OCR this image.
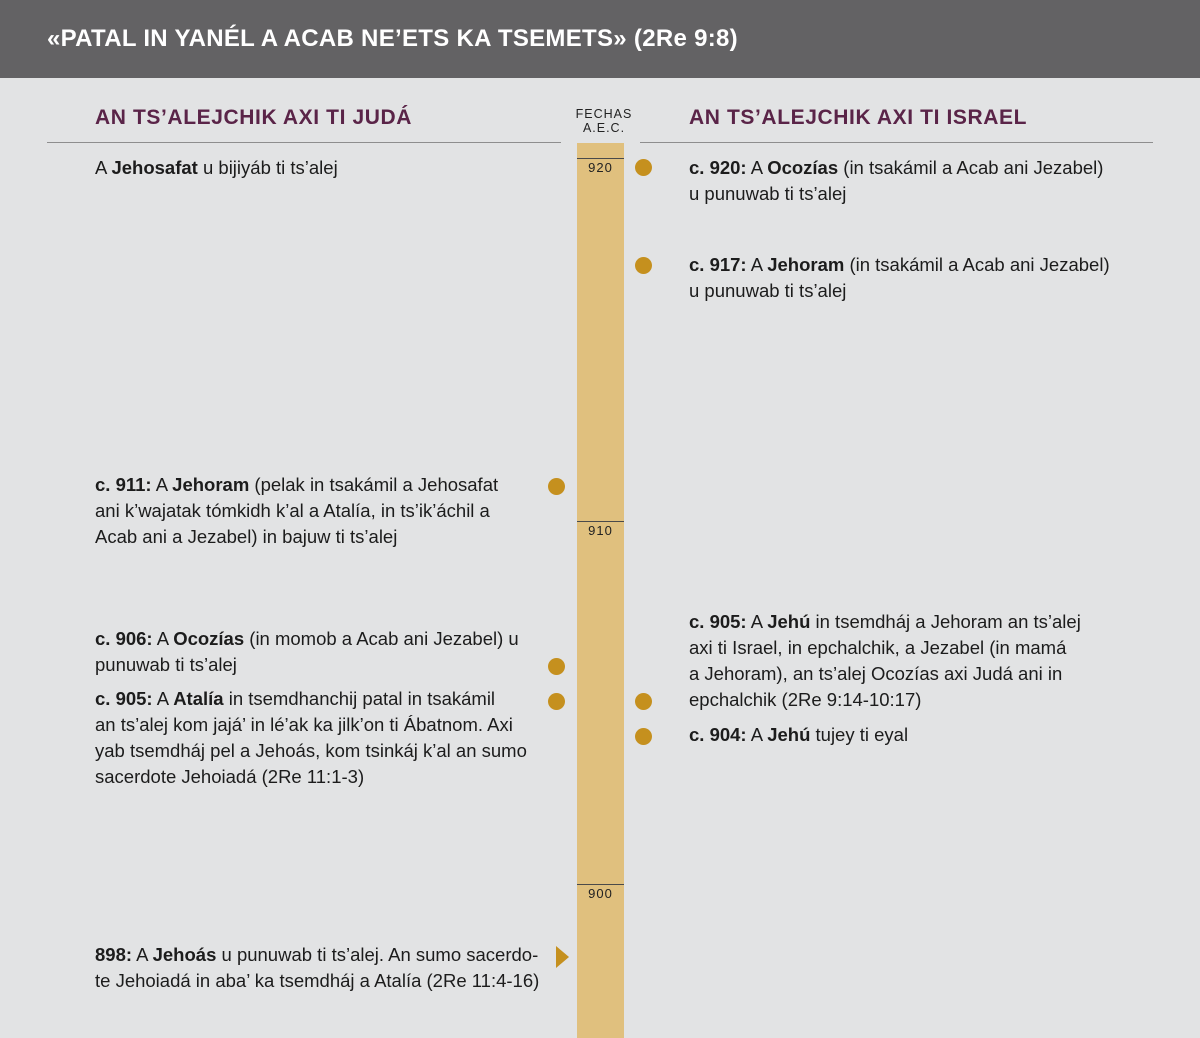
«PATAL IN YANÉL A ACAB NE’ETS KA TSEMETS» (2Re 9:8)
AN TS’ALEJCHIK AXI TI JUDÁ	AN TS’ALEJCHIK AXI TI ISRAEL
FECHAS
A.E.C.
920
910
900
A Jehosafat u bijiyáb ti ts’alej
c. 911: A Jehoram (pelak in tsakámil a Jehosafat
ani k’wajatak tómkidh k’al a Atalía, in ts’ik’áchil a
Acab ani a Jezabel) in bajuw ti ts’alej
c. 906: A Ocozías (in momob a Acab ani Jezabel) u
punuwab ti ts’alej
c. 905: A Atalía in tsemdhanchij patal in tsakámil
an ts’alej kom jajá’ in lé’ak ka jilk’on ti Ábatnom. Axi
yab tsemdháj pel a Jehoás, kom tsinkáj k’al an sumo
sacerdote Jehoiadá (2Re 11:1-3)
898: A Jehoás u punuwab ti ts’alej. An sumo sacerdo-
te Jehoiadá in aba’ ka tsemdháj a Atalía (2Re 11:4-16)
c. 920: A Ocozías (in tsakámil a Acab ani Jezabel)
u punuwab ti ts’alej
c. 917: A Jehoram (in tsakámil a Acab ani Jezabel)
u punuwab ti ts’alej
c. 905: A Jehú in tsemdháj a Jehoram an ts’alej
axi ti Israel, in epchalchik, a Jezabel (in mamá
a Jehoram), an ts’alej Ocozías axi Judá ani in
epchalchik (2Re 9:14-10:17)
c. 904: A Jehú tujey ti eyal
